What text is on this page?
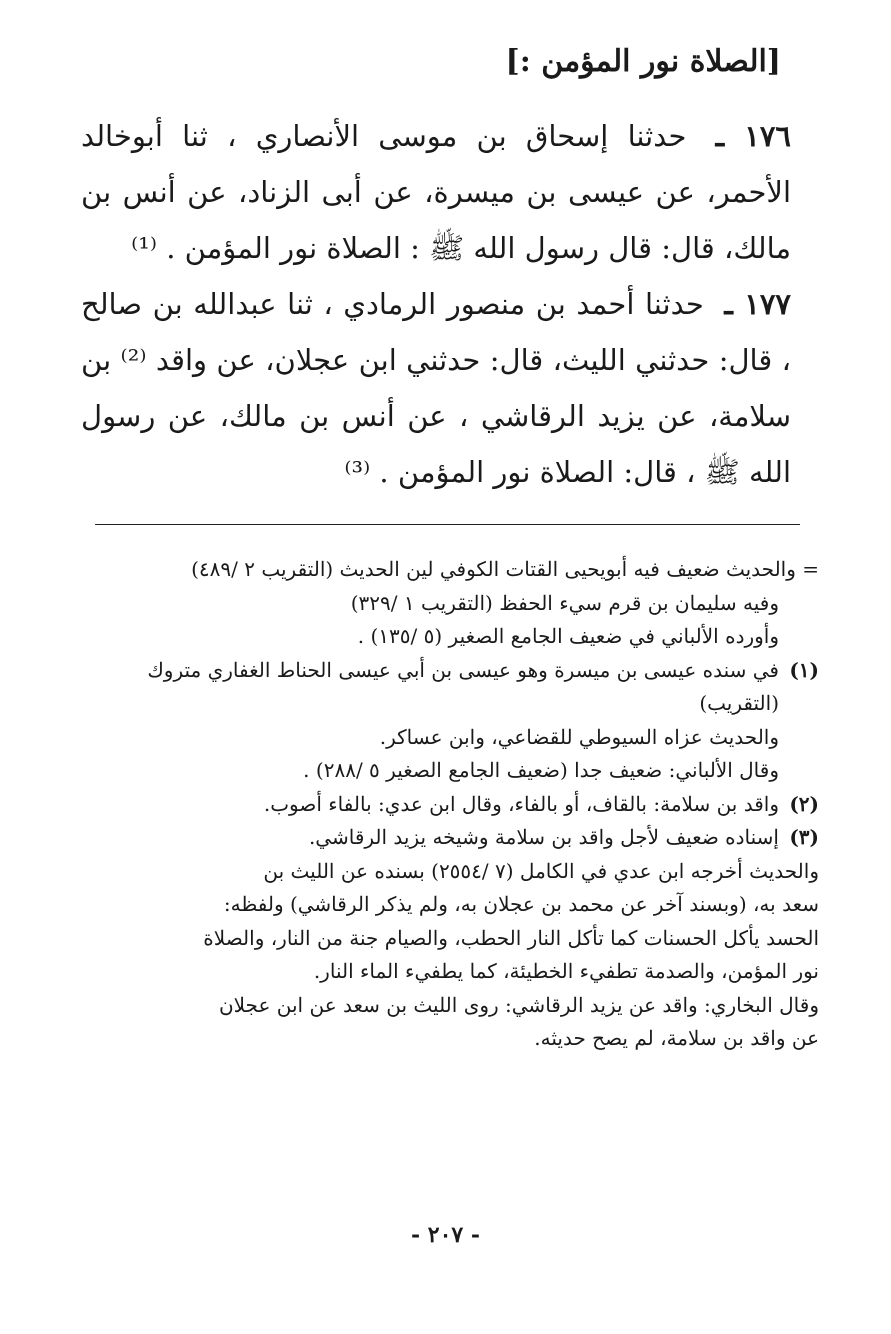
[الصلاة نور المؤمن :]
١٧٦ ـ حدثنا إسحاق بن موسى الأنصاري ، ثنا أبوخالد الأحمر، عن عيسى بن ميسرة، عن أبى الزناد، عن أنس بن مالك، قال: قال رسول الله ﷺ : الصلاة نور المؤمن . ⁽¹⁾
١٧٧ ـ حدثنا أحمد بن منصور الرمادي ، ثنا عبدالله بن صالح ، قال: حدثني الليث، قال: حدثني ابن عجلان، عن واقد ⁽²⁾ بن سلامة، عن يزيد الرقاشي ، عن أنس بن مالك، عن رسول الله ﷺ ، قال: الصلاة نور المؤمن . ⁽³⁾
= والحديث ضعيف فيه أبويحيى القتات الكوفي لين الحديث (التقريب ٢ /٤٨٩)
وفيه سليمان بن قرم سيء الحفظ (التقريب ١ /٣٢٩)
وأورده الألباني في ضعيف الجامع الصغير (٥ /١٣٥) .
(١)
في سنده عيسى بن ميسرة وهو عيسى بن أبي عيسى الحناط الغفاري متروك
(التقريب)
والحديث عزاه السيوطي للقضاعي، وابن عساكر.
وقال الألباني: ضعيف جدا (ضعيف الجامع الصغير ٥ /٢٨٨) .
(٢)
واقد بن سلامة: بالقاف، أو بالفاء، وقال ابن عدي: بالفاء أصوب.
(٣)
إسناده ضعيف لأجل واقد بن سلامة وشيخه يزيد الرقاشي.
والحديث أخرجه ابن عدي في الكامل (٧ /٢٥٥٤) بسنده عن الليث بن
سعد به، (وبسند آخر عن محمد بن عجلان به، ولم يذكر الرقاشي) ولفظه:
الحسد يأكل الحسنات كما تأكل النار الحطب، والصيام جنة من النار، والصلاة
نور المؤمن، والصدمة تطفيء الخطيئة، كما يطفيء الماء النار.
وقال البخاري: واقد عن يزيد الرقاشي: روى الليث بن سعد عن ابن عجلان
عن واقد بن سلامة، لم يصح حديثه.
- ٢٠٧ -
